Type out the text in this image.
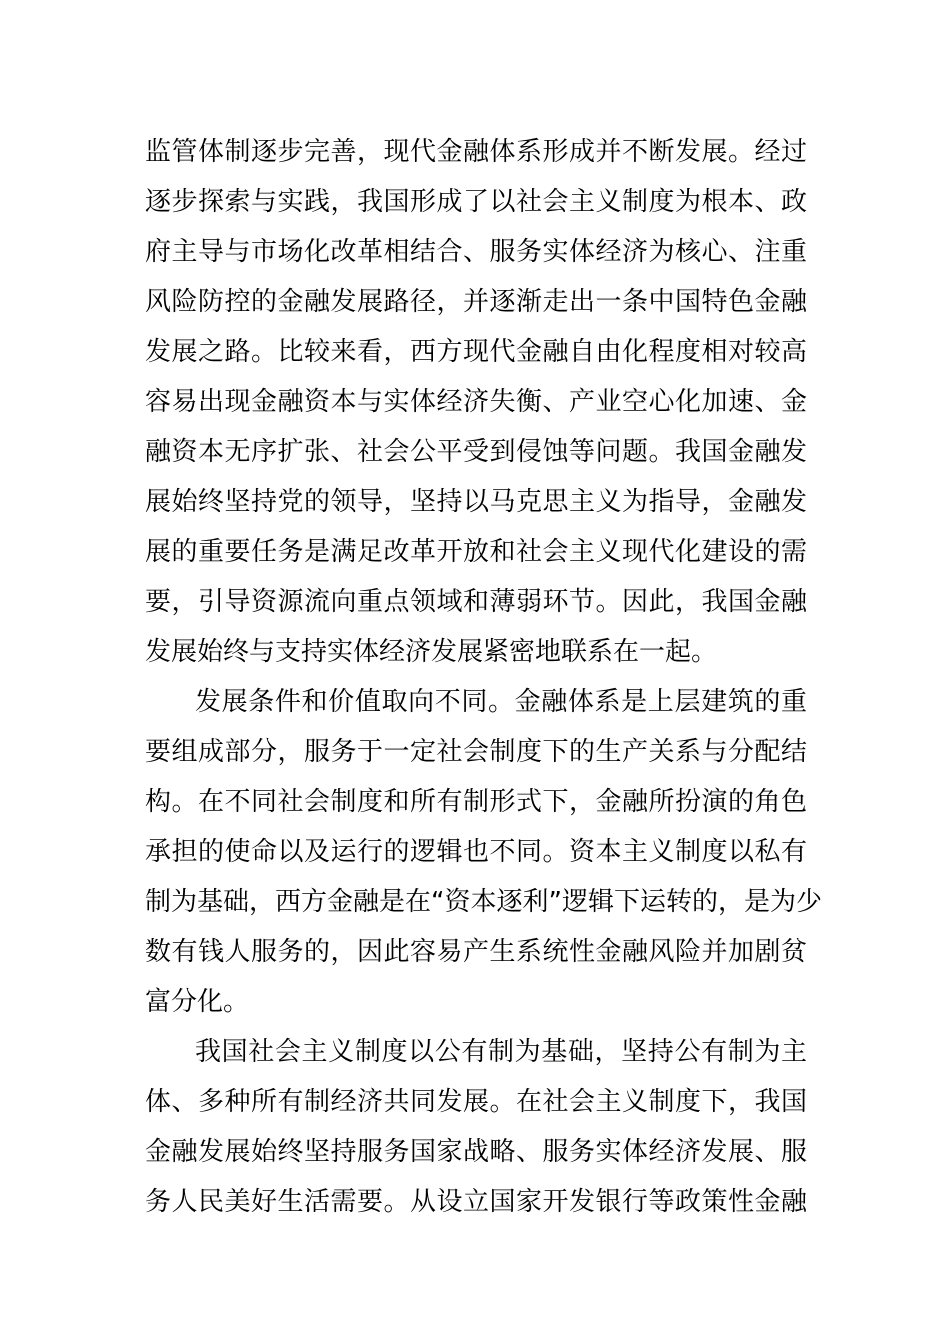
监管体制逐步完善，现代金融体系形成并不断发展。经过
逐步探索与实践，我国形成了以社会主义制度为根本、政
府主导与市场化改革相结合、服务实体经济为核心、注重
风险防控的金融发展路径，并逐渐走出一条中国特色金融
发展之路。比较来看，西方现代金融自由化程度相对较高
容易出现金融资本与实体经济失衡、产业空心化加速、金
融资本无序扩张、社会公平受到侵蚀等问题。我国金融发
展始终坚持党的领导，坚持以马克思主义为指导，金融发
展的重要任务是满足改革开放和社会主义现代化建设的需
要，引导资源流向重点领域和薄弱环节。因此，我国金融
发展始终与支持实体经济发展紧密地联系在一起。
发展条件和价值取向不同。金融体系是上层建筑的重
要组成部分，服务于一定社会制度下的生产关系与分配结
构。在不同社会制度和所有制形式下，金融所扮演的角色
承担的使命以及运行的逻辑也不同。资本主义制度以私有
制为基础，西方金融是在“资本逐利”逻辑下运转的，是为少
数有钱人服务的，因此容易产生系统性金融风险并加剧贫
富分化。
我国社会主义制度以公有制为基础，坚持公有制为主
体、多种所有制经济共同发展。在社会主义制度下，我国
金融发展始终坚持服务国家战略、服务实体经济发展、服
务人民美好生活需要。从设立国家开发银行等政策性金融
